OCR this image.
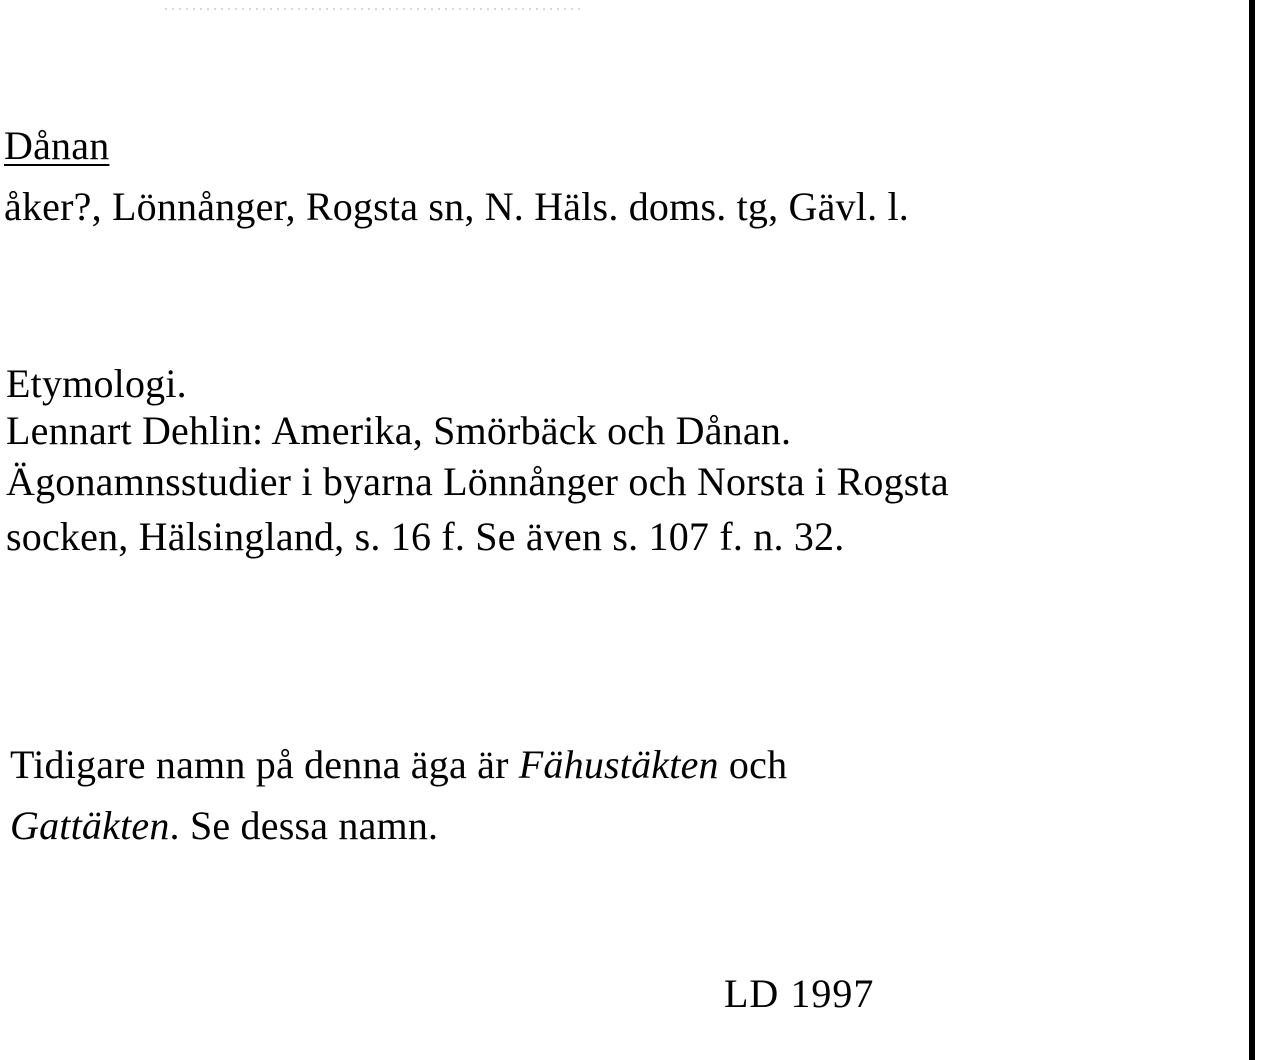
Dånan
åker?, Lönnånger, Rogsta sn, N. Häls. doms. tg, Gävl. l.
Etymologi.
Lennart Dehlin: Amerika, Smörbäck och Dånan.
Ägonamnsstudier i byarna Lönnånger och Norsta i Rogsta
socken, Hälsingland, s. 16 f. Se även s. 107 f. n. 32.
Tidigare namn på denna äga är Fähustäkten och
Gattäkten. Se dessa namn.
LD 1997
